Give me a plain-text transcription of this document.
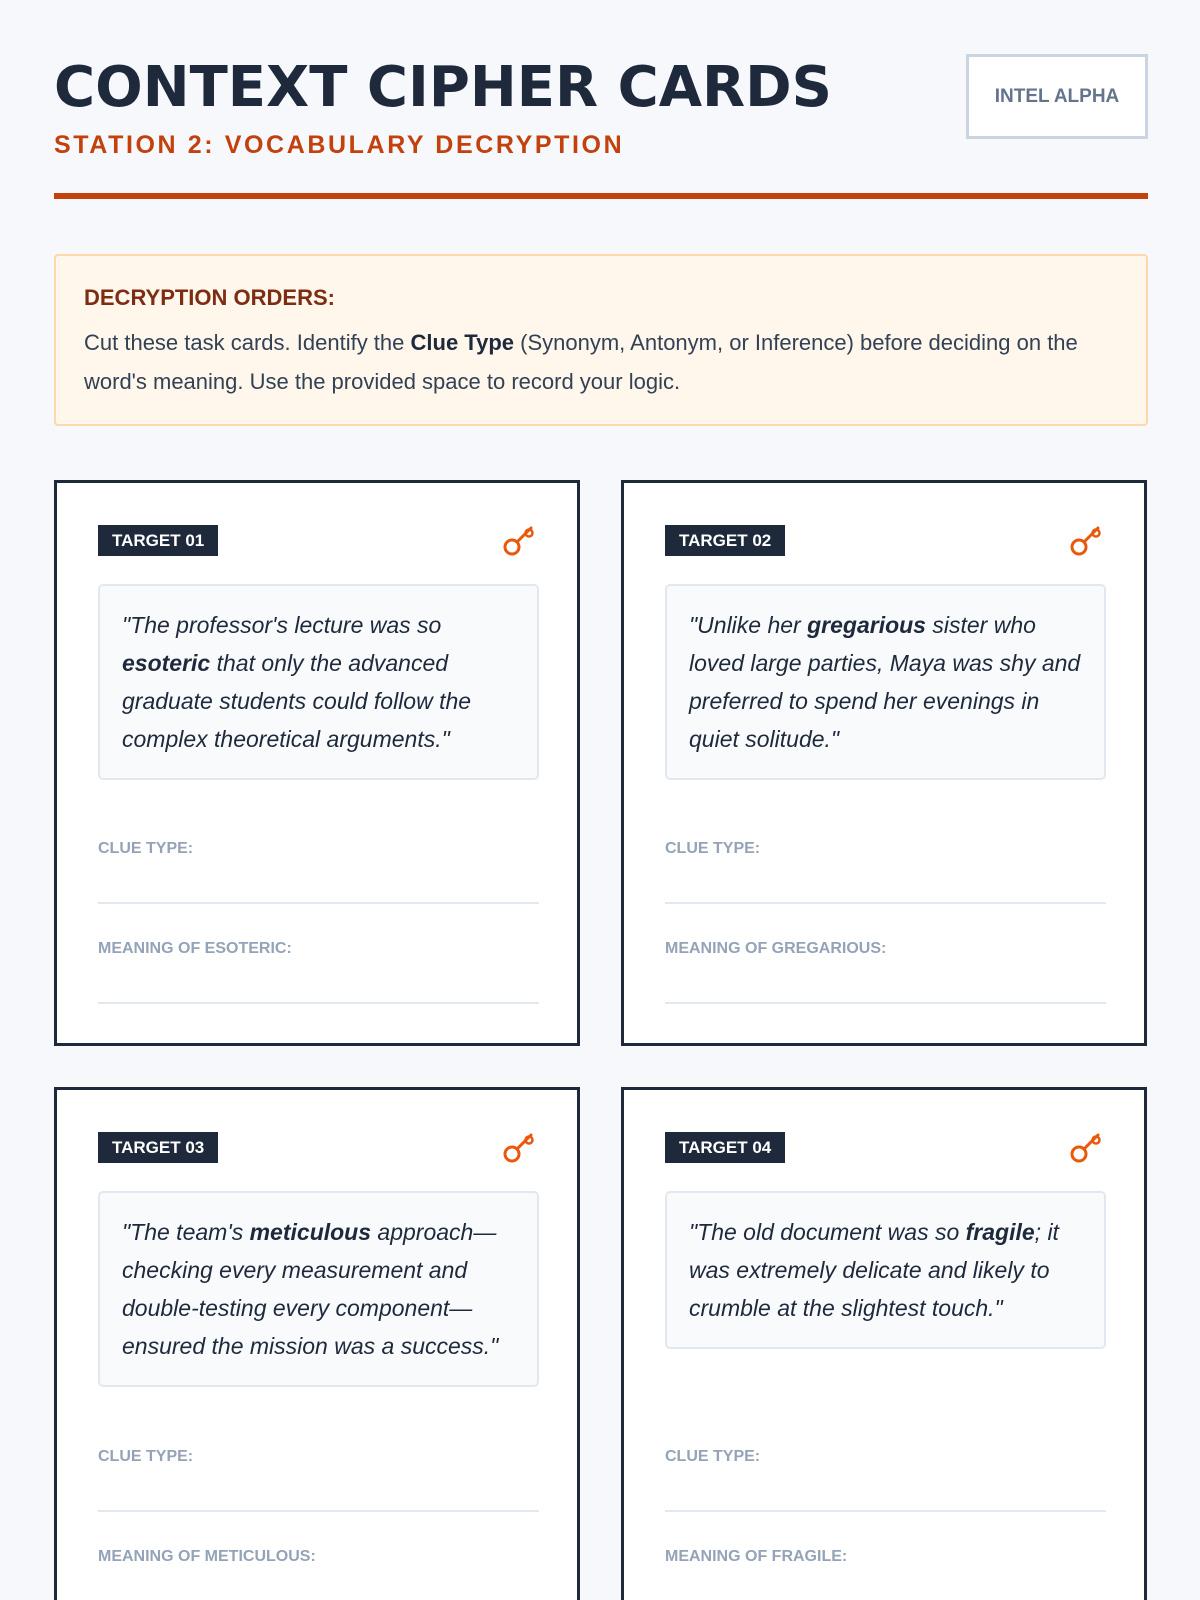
CONTEXT CIPHER CARDS
STATION 2: VOCABULARY DECRYPTION
INTEL ALPHA
DECRYPTION ORDERS:
Cut these task cards. Identify the Clue Type (Synonym, Antonym, or Inference) before deciding on the word's meaning. Use the provided space to record your logic.
TARGET 01
"The professor's lecture was so esoteric that only the advanced graduate students could follow the complex theoretical arguments."
CLUE TYPE:
MEANING OF ESOTERIC:
TARGET 02
"Unlike her gregarious sister who loved large parties, Maya was shy and preferred to spend her evenings in quiet solitude."
CLUE TYPE:
MEANING OF GREGARIOUS:
TARGET 03
"The team's meticulous approach—checking every measurement and double-testing every component—ensured the mission was a success."
CLUE TYPE:
MEANING OF METICULOUS:
TARGET 04
"The old document was so fragile; it was extremely delicate and likely to crumble at the slightest touch."
CLUE TYPE:
MEANING OF FRAGILE:
